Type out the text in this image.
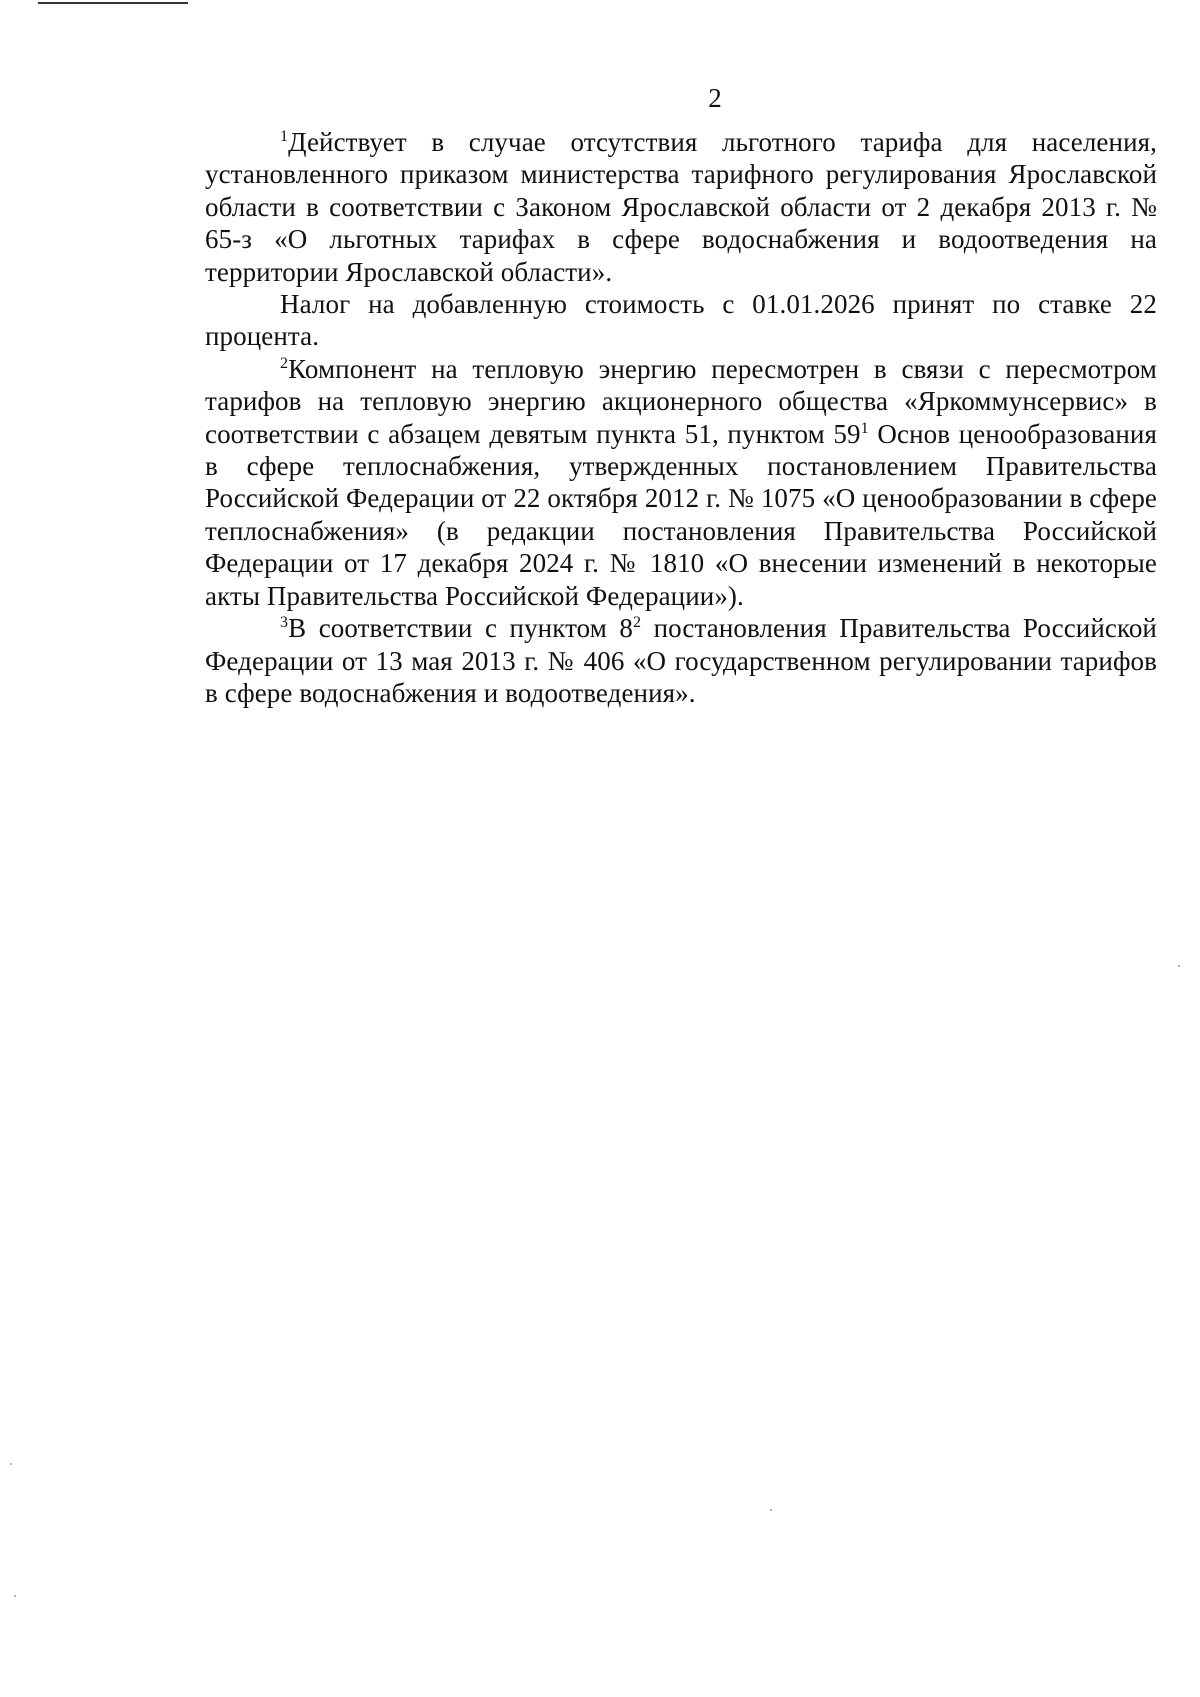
2

$^1$Действует в случае отсутствия льготного тарифа для населения, установленного приказом министерства тарифного регулирования Ярославской области в соответствии с Законом Ярославской области от 2 декабря 2013 г. № 65-з «О льготных тарифах в сфере водоснабжения и водоотведения на территории Ярославской области».

Налог на добавленную стоимость с 01.01.2026 принят по ставке 22 процента.

$^2$Компонент на тепловую энергию пересмотрен в связи с пересмотром тарифов на тепловую энергию акционерного общества «Яркоммунсервис» в соответствии с абзацем девятым пункта 51, пунктом $59^1$ Основ ценообразования в сфере теплоснабжения, утвержденных постановлением Правительства Российской Федерации от 22 октября 2012 г. № 1075 «О ценообразовании в сфере теплоснабжения» (в редакции постановления Правительства Российской Федерации от 17 декабря 2024 г. № 1810 «О внесении изменений в некоторые акты Правительства Российской Федерации»).

$^3$В соответствии с пунктом $8^2$ постановления Правительства Российской Федерации от 13 мая 2013 г. № 406 «О государственном регулировании тарифов в сфере водоснабжения и водоотведения».
